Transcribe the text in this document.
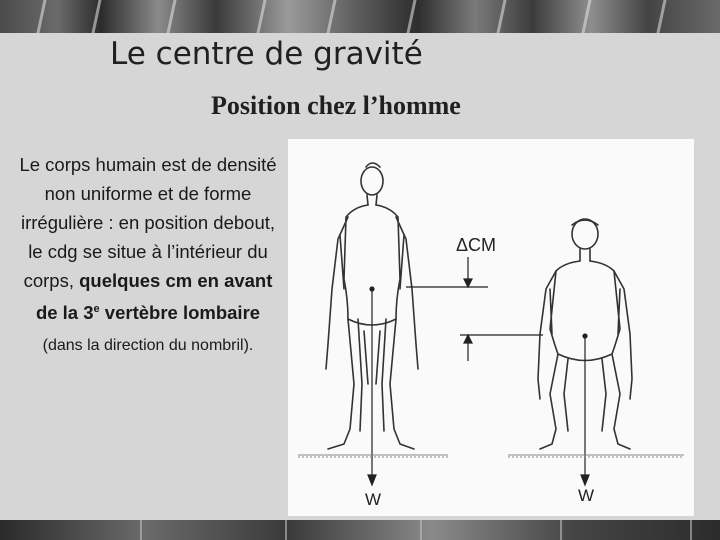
Le centre de gravité
Position chez l’homme
Le corps humain est de densité non uniforme et de forme irrégulière : en position debout, le cdg se situe à l’intérieur du corps, quelques cm en avant de la 3e vertèbre lombaire (dans la direction du nombril).
ΔCM
W	W
